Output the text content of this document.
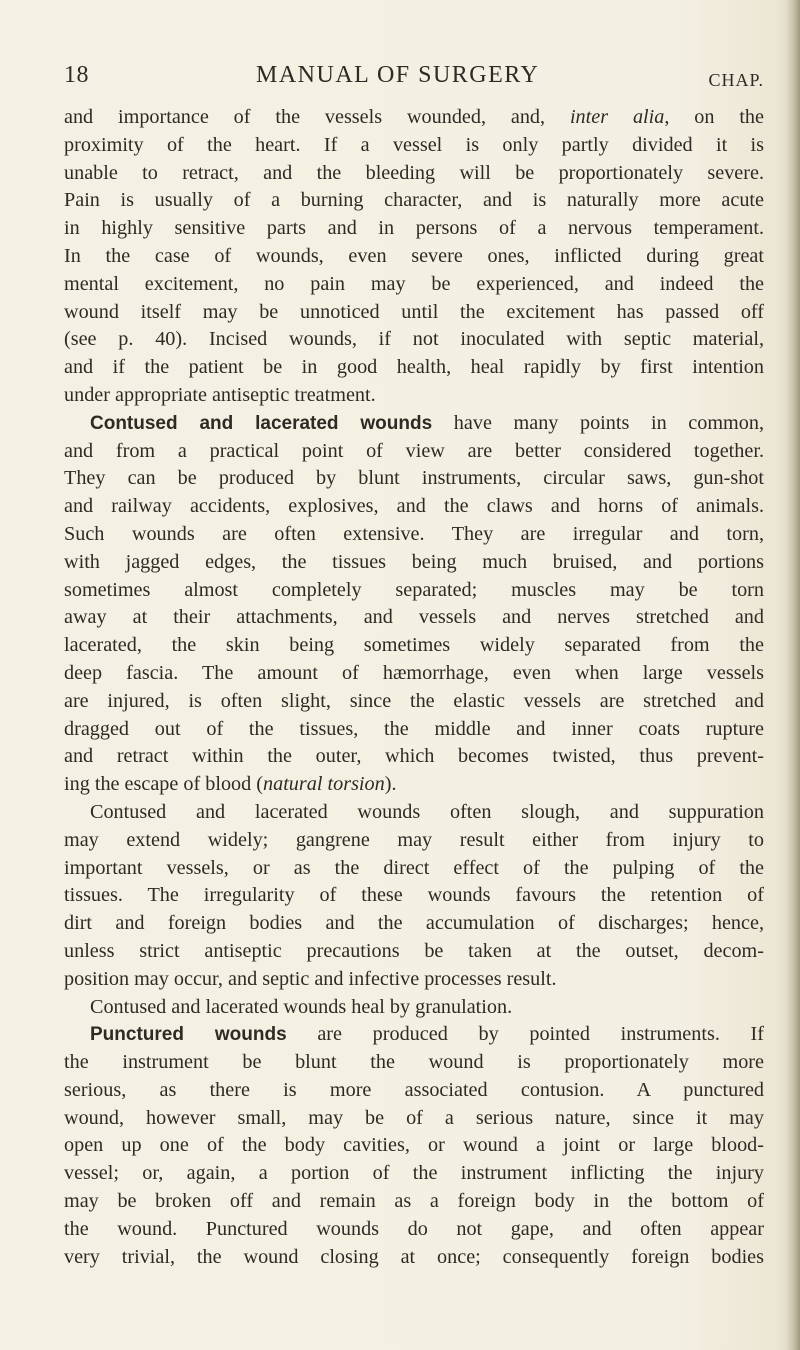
18	MANUAL OF SURGERY	CHAP.
and importance of the vessels wounded, and, inter alia, on the
proximity of the heart. If a vessel is only partly divided it is
unable to retract, and the bleeding will be proportionately severe.
Pain is usually of a burning character, and is naturally more acute
in highly sensitive parts and in persons of a nervous temperament.
In the case of wounds, even severe ones, inflicted during great
mental excitement, no pain may be experienced, and indeed the
wound itself may be unnoticed until the excitement has passed off
(see p. 40). Incised wounds, if not inoculated with septic material,
and if the patient be in good health, heal rapidly by first intention
under appropriate antiseptic treatment.
Contused and lacerated wounds have many points in common,
and from a practical point of view are better considered together.
They can be produced by blunt instruments, circular saws, gun-shot
and railway accidents, explosives, and the claws and horns of animals.
Such wounds are often extensive. They are irregular and torn,
with jagged edges, the tissues being much bruised, and portions
sometimes almost completely separated; muscles may be torn
away at their attachments, and vessels and nerves stretched and
lacerated, the skin being sometimes widely separated from the
deep fascia. The amount of hæmorrhage, even when large vessels
are injured, is often slight, since the elastic vessels are stretched and
dragged out of the tissues, the middle and inner coats rupture
and retract within the outer, which becomes twisted, thus prevent-
ing the escape of blood (natural torsion).
Contused and lacerated wounds often slough, and suppuration
may extend widely; gangrene may result either from injury to
important vessels, or as the direct effect of the pulping of the
tissues. The irregularity of these wounds favours the retention of
dirt and foreign bodies and the accumulation of discharges; hence,
unless strict antiseptic precautions be taken at the outset, decom-
position may occur, and septic and infective processes result.
Contused and lacerated wounds heal by granulation.
Punctured wounds are produced by pointed instruments. If
the instrument be blunt the wound is proportionately more
serious, as there is more associated contusion. A punctured
wound, however small, may be of a serious nature, since it may
open up one of the body cavities, or wound a joint or large blood-
vessel; or, again, a portion of the instrument inflicting the injury
may be broken off and remain as a foreign body in the bottom of
the wound. Punctured wounds do not gape, and often appear
very trivial, the wound closing at once; consequently foreign bodies
